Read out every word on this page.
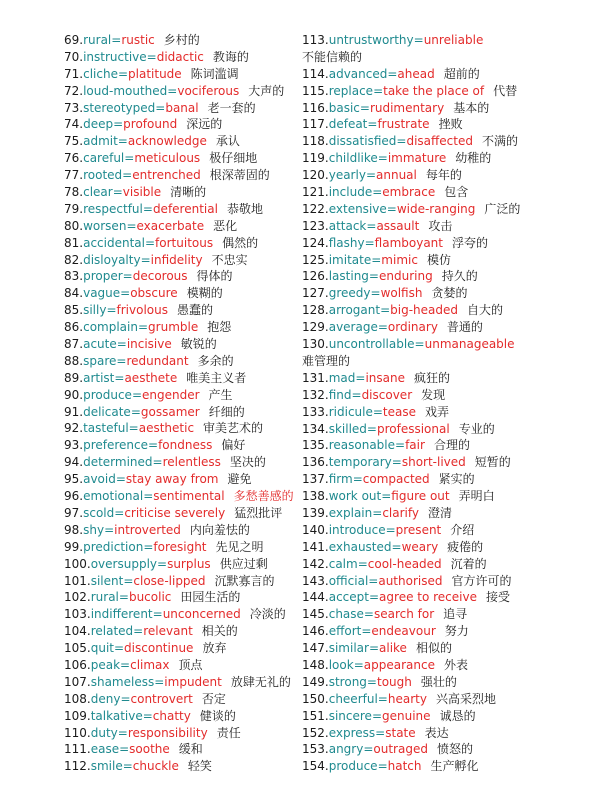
69.rural=rustic 乡村的
70.instructive=didactic 教诲的
71.cliche=platitude 陈词滥调
72.loud-mouthed=vociferous 大声的
73.stereotyped=banal 老一套的
74.deep=profound 深远的
75.admit=acknowledge 承认
76.careful=meticulous 极仔细地
77.rooted=entrenched 根深蒂固的
78.clear=visible 清晰的
79.respectful=deferential 恭敬地
80.worsen=exacerbate 恶化
81.accidental=fortuitous 偶然的
82.disloyalty=infidelity 不忠实
83.proper=decorous 得体的
84.vague=obscure 模糊的
85.silly=frivolous 愚蠢的
86.complain=grumble 抱怨
87.acute=incisive 敏锐的
88.spare=redundant 多余的
89.artist=aesthete 唯美主义者
90.produce=engender 产生
91.delicate=gossamer 纤细的
92.tasteful=aesthetic 审美艺术的
93.preference=fondness 偏好
94.determined=relentless 坚决的
95.avoid=stay away from 避免
96.emotional=sentimental 多愁善感的
97.scold=criticise severely 猛烈批评
98.shy=introverted 内向羞怯的
99.prediction=foresight 先见之明
100.oversupply=surplus 供应过剩
101.silent=close-lipped 沉默寡言的
102.rural=bucolic 田园生活的
103.indifferent=unconcerned 冷淡的
104.related=relevant 相关的
105.quit=discontinue 放弃
106.peak=climax 顶点
107.shameless=impudent 放肆无礼的
108.deny=controvert 否定
109.talkative=chatty 健谈的
110.duty=responsibility 责任
111.ease=soothe 缓和
112.smile=chuckle 轻笑
113.untrustworthy=unreliable
不能信赖的
114.advanced=ahead 超前的
115.replace=take the place of 代替
116.basic=rudimentary 基本的
117.defeat=frustrate 挫败
118.dissatisfied=disaffected 不满的
119.childlike=immature 幼稚的
120.yearly=annual 每年的
121.include=embrace 包含
122.extensive=wide-ranging 广泛的
123.attack=assault 攻击
124.flashy=flamboyant 浮夸的
125.imitate=mimic 模仿
126.lasting=enduring 持久的
127.greedy=wolfish 贪婪的
128.arrogant=big-headed 自大的
129.average=ordinary 普通的
130.uncontrollable=unmanageable
难管理的
131.mad=insane 疯狂的
132.find=discover 发现
133.ridicule=tease 戏弄
134.skilled=professional 专业的
135.reasonable=fair 合理的
136.temporary=short-lived 短暂的
137.firm=compacted 紧实的
138.work out=figure out 弄明白
139.explain=clarify 澄清
140.introduce=present 介绍
141.exhausted=weary 疲倦的
142.calm=cool-headed 沉着的
143.official=authorised 官方许可的
144.accept=agree to receive 接受
145.chase=search for 追寻
146.effort=endeavour 努力
147.similar=alike 相似的
148.look=appearance 外表
149.strong=tough 强壮的
150.cheerful=hearty 兴高采烈地
151.sincere=genuine 诚恳的
152.express=state 表达
153.angry=outraged 愤怒的
154.produce=hatch 生产孵化
